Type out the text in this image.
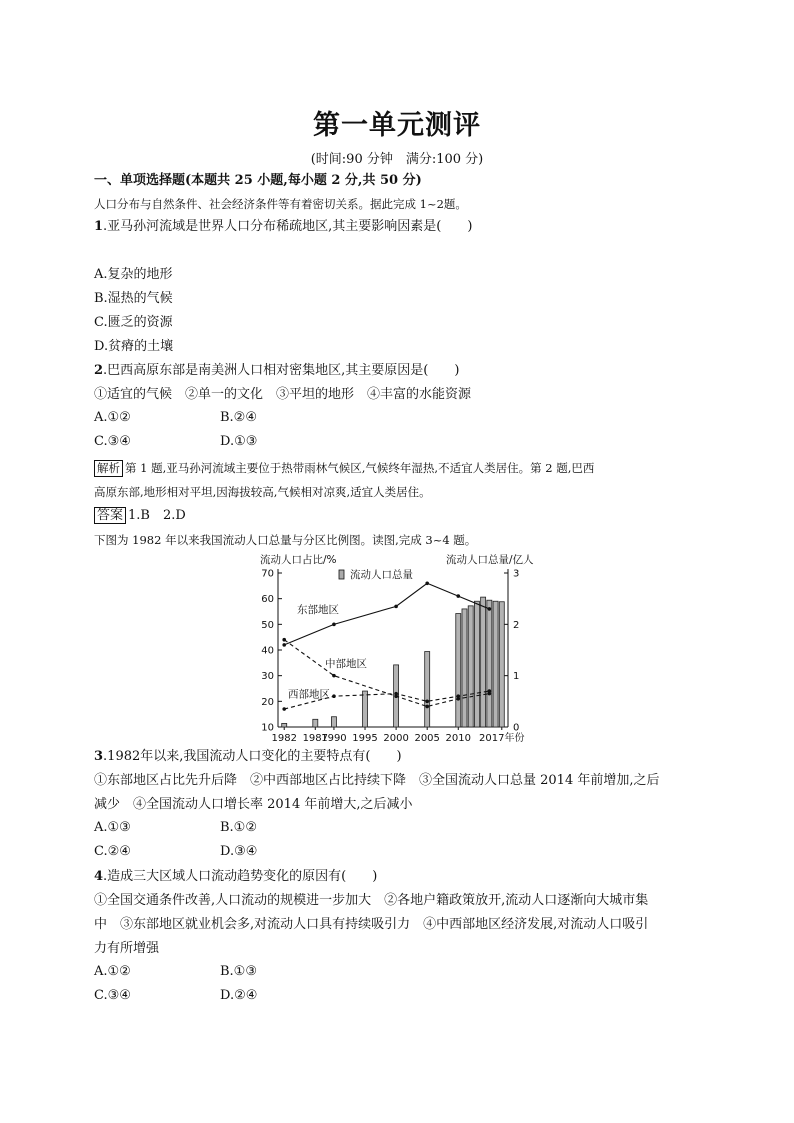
第一单元测评
(时间:90 分钟　满分:100 分)
一、单项选择题(本题共 25 小题,每小题 2 分,共 50 分)
人口分布与自然条件、社会经济条件等有着密切关系。据此完成 1~2题。
1.亚马孙河流域是世界人口分布稀疏地区,其主要影响因素是(　　)
A.复杂的地形
B.湿热的气候
C.匮乏的资源
D.贫瘠的土壤
2.巴西高原东部是南美洲人口相对密集地区,其主要原因是(　　)
①适宜的气候　②单一的文化　③平坦的地形　④丰富的水能资源
A.①②	B.②④
C.③④	D.①③
解析 第 1 题,亚马孙河流域主要位于热带雨林气候区,气候终年湿热,不适宜人类居住。第 2 题,巴西
高原东部,地形相对平坦,因海拔较高,气候相对凉爽,适宜人类居住。
答案 1.B　2.D
下图为 1982 年以来我国流动人口总量与分区比例图。读图,完成 3~4 题。
10
20
30
40
50
60
70
0
1
2
3
1982 1987
1990 1995 2000 2005 2010 2017年份
流动人口占比/%	流动人口总量/亿人
流动人口总量
东部地区
中部地区
西部地区
3.1982年以来,我国流动人口变化的主要特点有(　　)
①东部地区占比先升后降　②中西部地区占比持续下降　③全国流动人口总量 2014 年前增加,之后
减少　④全国流动人口增长率 2014 年前增大,之后减小
A.①③	B.①②
C.②④	D.③④
4.造成三大区域人口流动趋势变化的原因有(　　)
①全国交通条件改善,人口流动的规模进一步加大　②各地户籍政策放开,流动人口逐渐向大城市集
中　③东部地区就业机会多,对流动人口具有持续吸引力　④中西部地区经济发展,对流动人口吸引
力有所增强
A.①②	B.①③
C.③④	D.②④
